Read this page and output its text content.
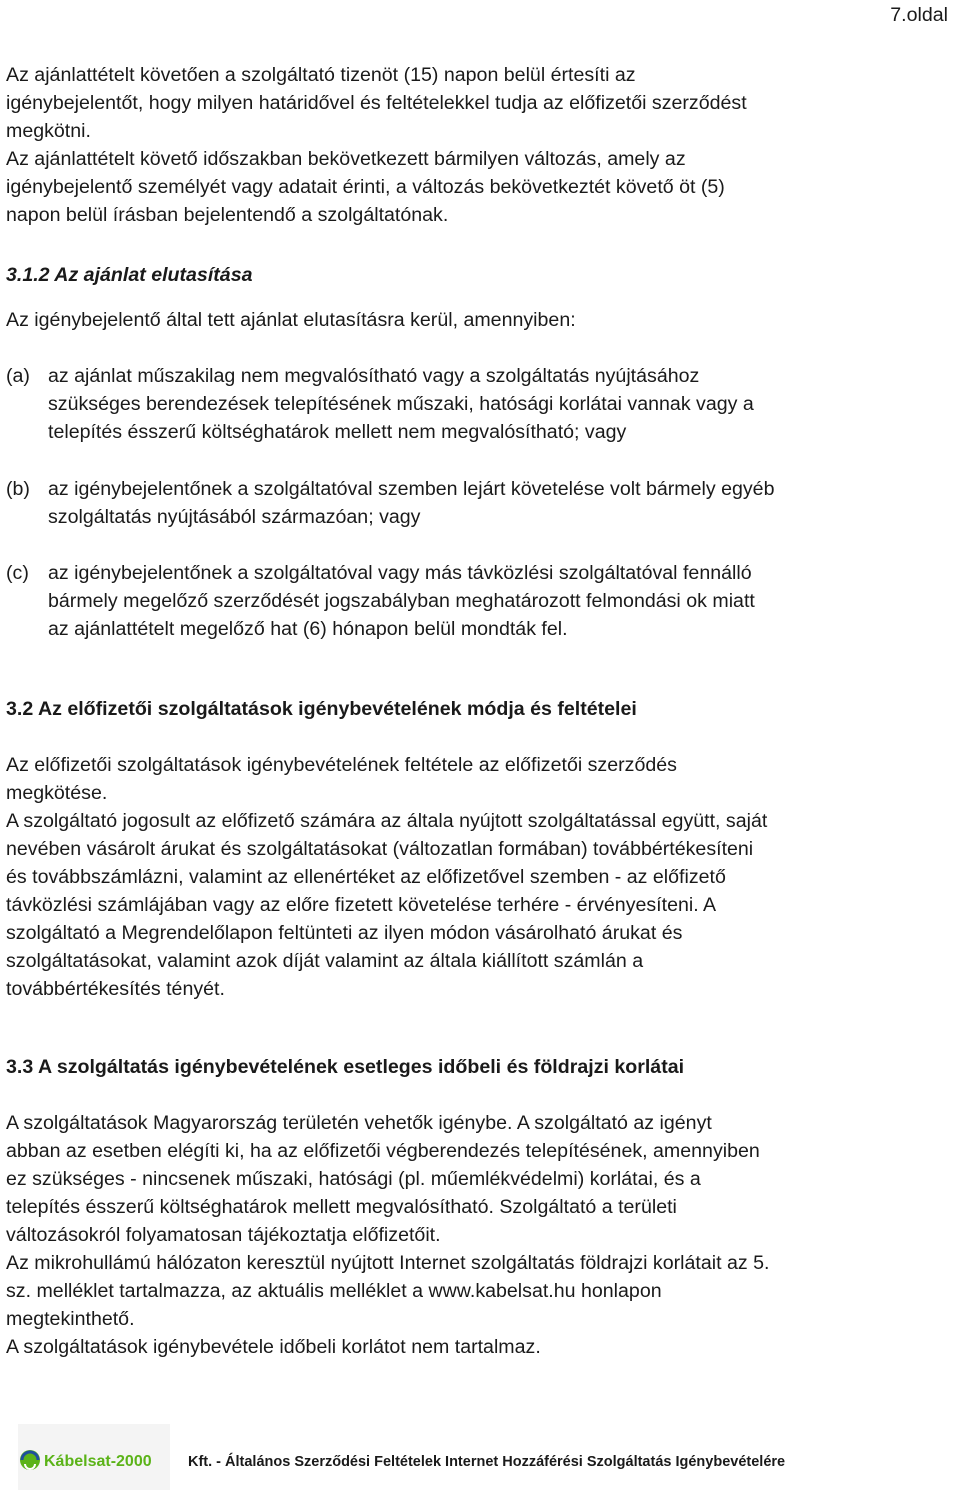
7.oldal
Az ajánlattételt követően a szolgáltató tizenöt (15) napon belül értesíti az
igénybejelentőt, hogy milyen határidővel és feltételekkel tudja az előfizetői szerződést
megkötni.
Az ajánlattételt követő időszakban bekövetkezett bármilyen változás, amely az
igénybejelentő személyét vagy adatait érinti, a változás bekövetkeztét követő öt (5)
napon belül írásban bejelentendő a szolgáltatónak.
3.1.2 Az ajánlat elutasítása
Az igénybejelentő által tett ajánlat elutasításra kerül, amennyiben:
(a) az ajánlat műszakilag nem megvalósítható vagy a szolgáltatás nyújtásához
szükséges berendezések telepítésének műszaki, hatósági korlátai vannak vagy a
telepítés ésszerű költséghatárok mellett nem megvalósítható; vagy
(b) az igénybejelentőnek a szolgáltatóval szemben lejárt követelése volt bármely egyéb
szolgáltatás nyújtásából származóan; vagy
(c) az igénybejelentőnek a szolgáltatóval vagy más távközlési szolgáltatóval fennálló
bármely megelőző szerződését jogszabályban meghatározott felmondási ok miatt
az ajánlattételt megelőző hat (6) hónapon belül mondták fel.
3.2 Az előfizetői szolgáltatások igénybevételének módja és feltételei
Az előfizetői szolgáltatások igénybevételének feltétele az előfizetői szerződés
megkötése.
A szolgáltató jogosult az előfizető számára az általa nyújtott szolgáltatással együtt, saját
nevében vásárolt árukat és szolgáltatásokat (változatlan formában) továbbértékesíteni
és továbbszámlázni, valamint az ellenértéket az előfizetővel szemben - az előfizető
távközlési számlájában vagy az előre fizetett követelése terhére - érvényesíteni. A
szolgáltató a Megrendelőlapon feltünteti az ilyen módon vásárolható árukat és
szolgáltatásokat, valamint azok díját valamint az általa kiállított számlán a
továbbértékesítés tényét.
3.3 A szolgáltatás igénybevételének esetleges időbeli és földrajzi korlátai
A szolgáltatások Magyarország területén vehetők igénybe. A szolgáltató az igényt
abban az esetben elégíti ki, ha az előfizetői végberendezés telepítésének, amennyiben
ez szükséges - nincsenek műszaki, hatósági (pl. műemlékvédelmi) korlátai, és a
telepítés ésszerű költséghatárok mellett megvalósítható. Szolgáltató a területi
változásokról folyamatosan tájékoztatja előfizetőit.
Az mikrohullámú hálózaton keresztül nyújtott Internet szolgáltatás földrajzi korlátait az 5.
sz. melléklet tartalmazza, az aktuális melléklet a www.kabelsat.hu honlapon
megtekinthető.
A szolgáltatások igénybevétele időbeli korlátot nem tartalmaz.
Kábelsat-2000	Kft. - Általános Szerződési Feltételek Internet Hozzáférési Szolgáltatás Igénybevételére
